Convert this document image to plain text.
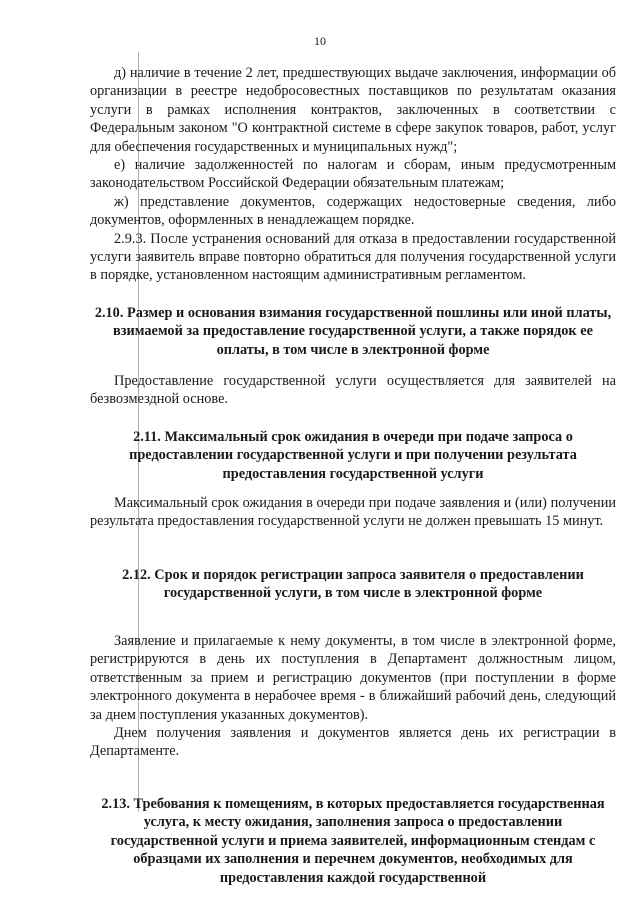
10

д) наличие в течение 2 лет, предшествующих выдаче заключения, информации об организации в реестре недобросовестных поставщиков по результатам оказания услуги в рамках исполнения контрактов, заключенных в соответствии с Федеральным законом "О контрактной системе в сфере закупок товаров, работ, услуг для обеспечения государственных и муниципальных нужд";

е) наличие задолженностей по налогам и сборам, иным предусмотренным законодательством Российской Федерации обязательным платежам;

ж) представление документов, содержащих недостоверные сведения, либо документов, оформленных в ненадлежащем порядке.

2.9.3. После устранения оснований для отказа в предоставлении государственной услуги заявитель вправе повторно обратиться для получения государственной услуги в порядке, установленном настоящим административным регламентом.

2.10. Размер и основания взимания государственной пошлины или иной платы, взимаемой за предоставление государственной услуги, а также порядок ее оплаты, в том числе в электронной форме

Предоставление государственной услуги осуществляется для заявителей на безвозмездной основе.

2.11. Максимальный срок ожидания в очереди при подаче запроса о предоставлении государственной услуги и при получении результата предоставления государственной услуги

Максимальный срок ожидания в очереди при подаче заявления и (или) получении результата предоставления государственной услуги не должен превышать 15 минут.

2.12. Срок и порядок регистрации запроса заявителя о предоставлении государственной услуги, в том числе в электронной форме

Заявление и прилагаемые к нему документы, в том числе в электронной форме, регистрируются в день их поступления в Департамент должностным лицом, ответственным за прием и регистрацию документов (при поступлении в форме электронного документа в нерабочее время - в ближайший рабочий день, следующий за днем поступления указанных документов).

Днем получения заявления и документов является день их регистрации в Департаменте.

2.13. Требования к помещениям, в которых предоставляется государственная услуга, к месту ожидания, заполнения запроса о предоставлении государственной услуги и приема заявителей, информационным стендам с образцами их заполнения и перечнем документов, необходимых для предоставления каждой государственной
